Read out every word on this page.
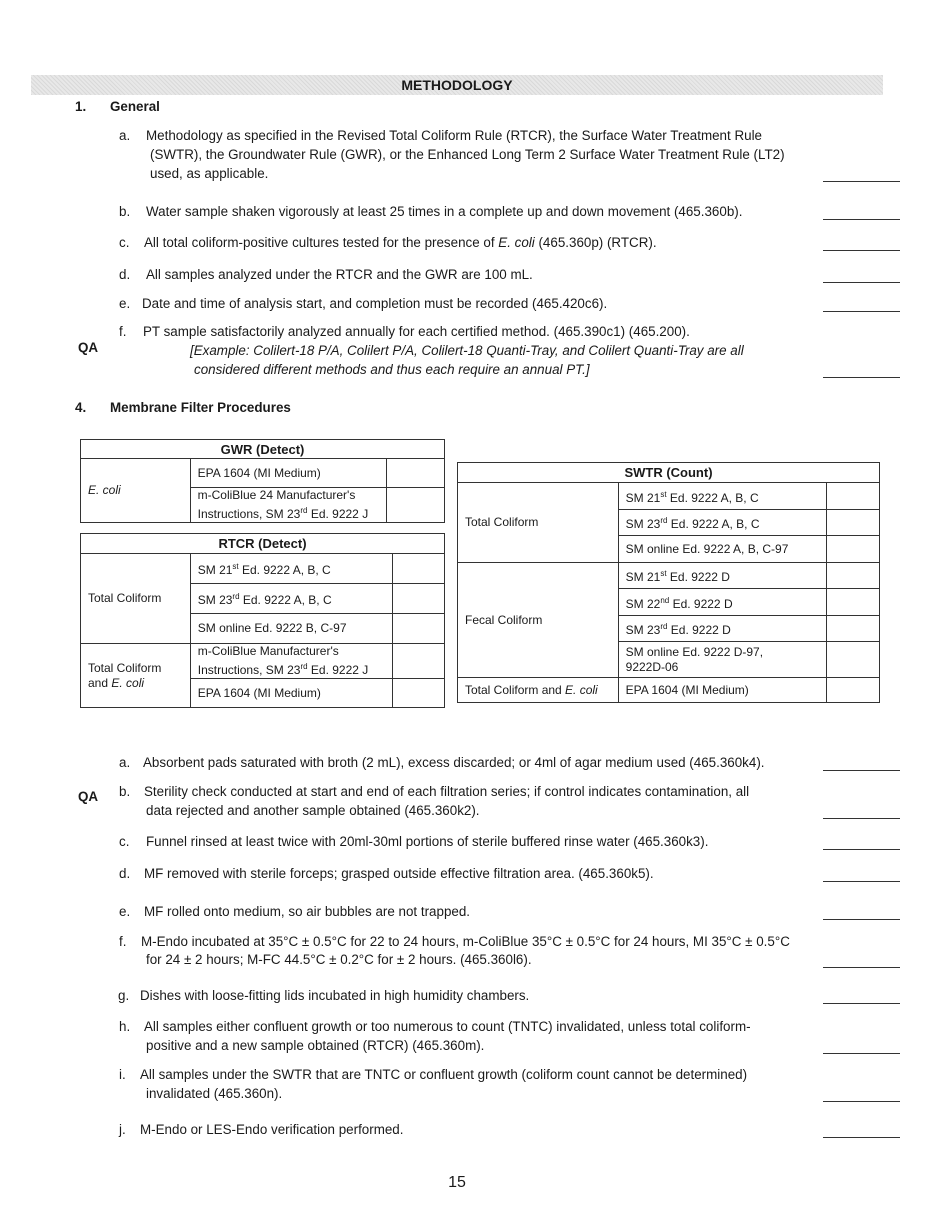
METHODOLOGY
1. General
a. Methodology as specified in the Revised Total Coliform Rule (RTCR), the Surface Water Treatment Rule
(SWTR), the Groundwater Rule (GWR), or the Enhanced Long Term 2 Surface Water Treatment Rule (LT2)
used, as applicable.
b. Water sample shaken vigorously at least 25 times in a complete up and down movement (465.360b).
c. All total coliform-positive cultures tested for the presence of E. coli (465.360p) (RTCR).
d. All samples analyzed under the RTCR and the GWR are 100 mL.
e. Date and time of analysis start, and completion must be recorded (465.420c6).
f. PT sample satisfactorily analyzed annually for each certified method. (465.390c1) (465.200).
QA	[Example: Colilert-18 P/A, Colilert P/A, Colilert-18 Quanti-Tray, and Colilert Quanti-Tray are all
considered different methods and thus each require an annual PT.]
4. Membrane Filter Procedures
GWR (Detect)		
E. coli	EPA 1604 (MI Medium)	
	m-ColiBlue 24 Manufacturer's
Instructions, SM 23rd Ed. 9222 J	
RTCR (Detect)		
Total Coliform	SM 21st Ed. 9222 A, B, C	
	SM 23rd Ed. 9222 A, B, C	
	SM online Ed. 9222 B, C-97	
Total Coliform
and E. coli	m-ColiBlue Manufacturer's
Instructions, SM 23rd Ed. 9222 J	
	EPA 1604 (MI Medium)	
SWTR (Count)		
Total Coliform	SM 21st Ed. 9222 A, B, C	
	SM 23rd Ed. 9222 A, B, C	
	SM online Ed. 9222 A, B, C-97	
Fecal Coliform	SM 21st Ed. 9222 D	
	SM 22nd Ed. 9222 D	
	SM 23rd Ed. 9222 D	
	SM online Ed. 9222 D-97,
9222D-06	
Total Coliform and E. coli	EPA 1604 (MI Medium)	
a. Absorbent pads saturated with broth (2 mL), excess discarded; or 4ml of agar medium used (465.360k4).
b.
QA	Sterility check conducted at start and end of each filtration series; if control indicates contamination, all
data rejected and another sample obtained (465.360k2).
c. Funnel rinsed at least twice with 20ml-30ml portions of sterile buffered rinse water (465.360k3).
d. MF removed with sterile forceps; grasped outside effective filtration area. (465.360k5).
e. MF rolled onto medium, so air bubbles are not trapped.
f. M-Endo incubated at 35°C ± 0.5°C for 22 to 24 hours, m-ColiBlue 35°C ± 0.5°C for 24 hours, MI 35°C ± 0.5°C
for 24 ± 2 hours; M-FC 44.5°C ± 0.2°C for ± 2 hours. (465.360l6).
g. Dishes with loose-fitting lids incubated in high humidity chambers.
h. All samples either confluent growth or too numerous to count (TNTC) invalidated, unless total coliform-
positive and a new sample obtained (RTCR) (465.360m).
i. All samples under the SWTR that are TNTC or confluent growth (coliform count cannot be determined)
invalidated (465.360n).
j. M-Endo or LES-Endo verification performed.
15
